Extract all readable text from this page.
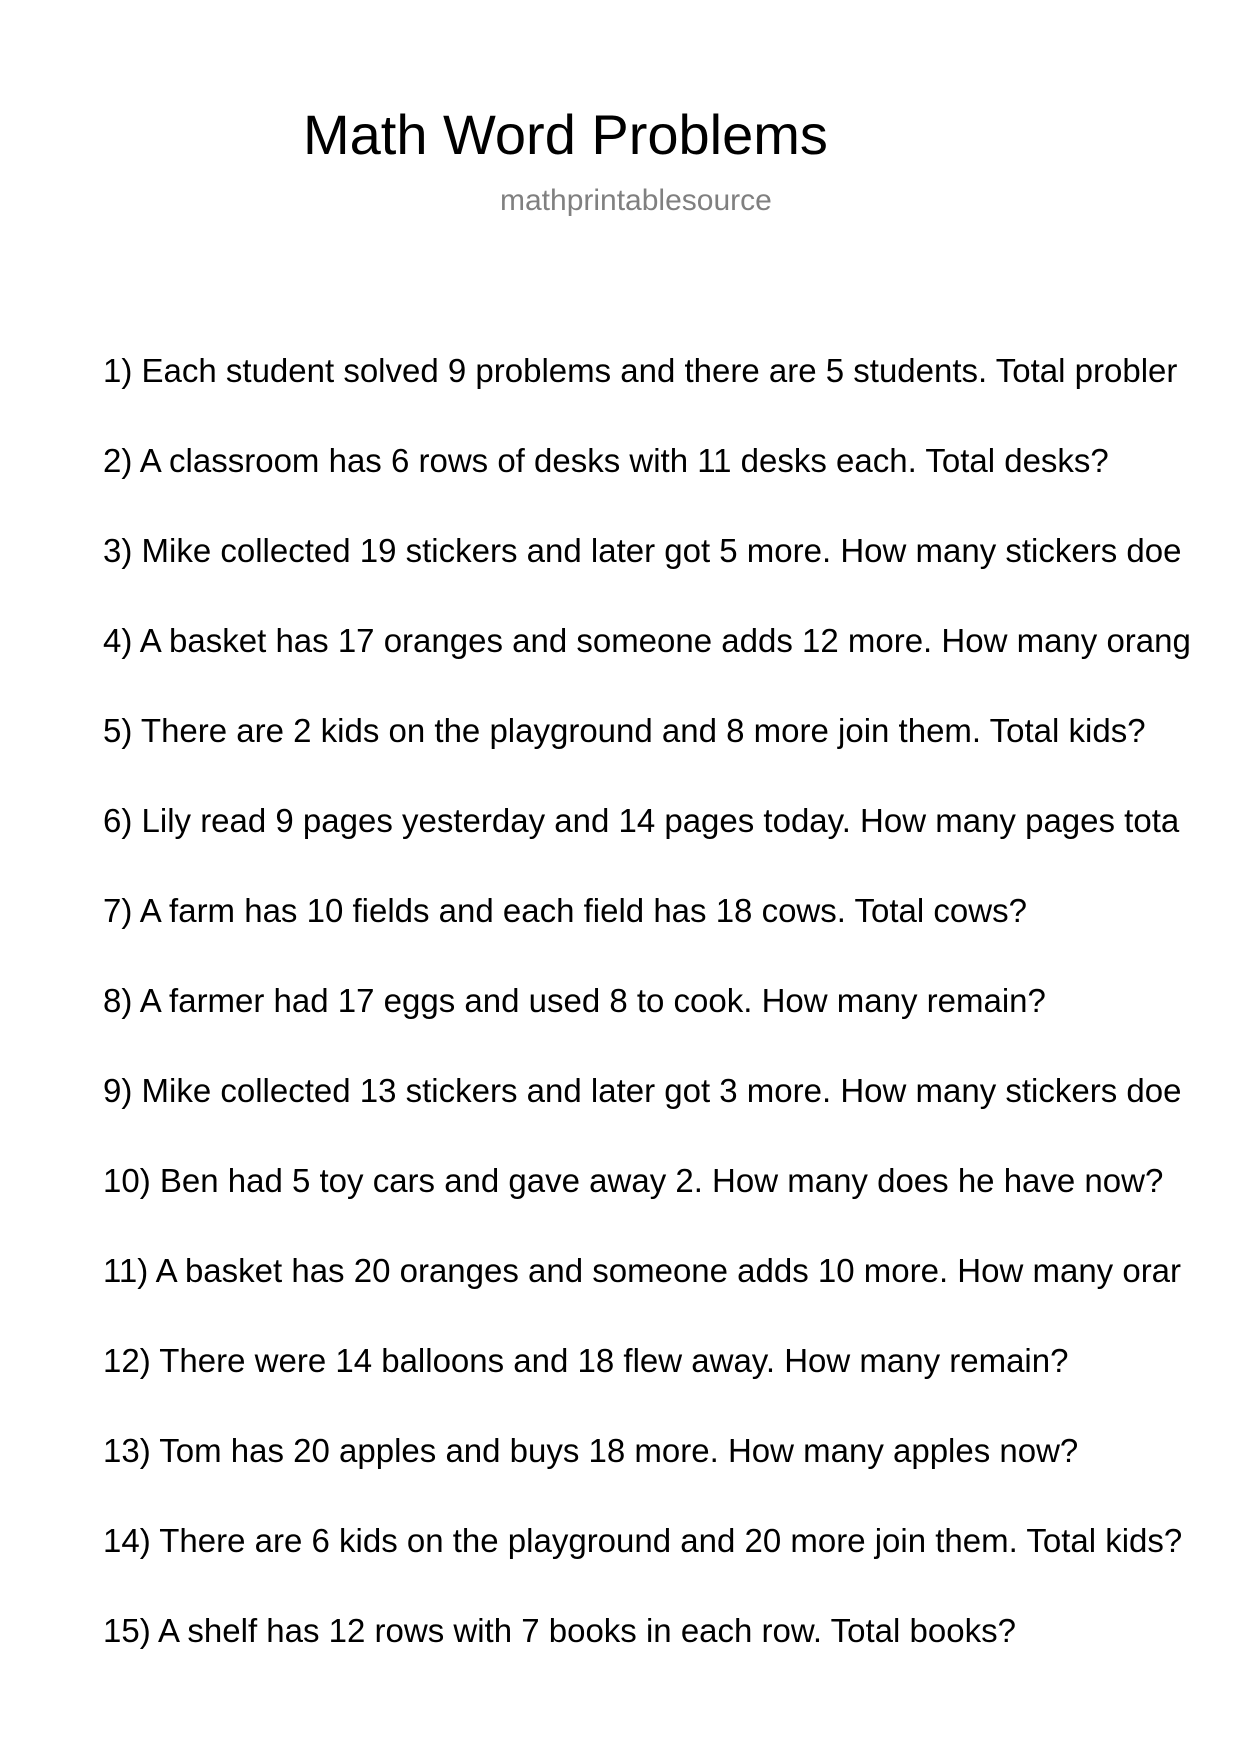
Math Word Problems
mathprintablesource
1) Each student solved 9 problems and there are 5 students. Total probler
2) A classroom has 6 rows of desks with 11 desks each. Total desks?
3) Mike collected 19 stickers and later got 5 more. How many stickers doe
4) A basket has 17 oranges and someone adds 12 more. How many orang
5) There are 2 kids on the playground and 8 more join them. Total kids?
6) Lily read 9 pages yesterday and 14 pages today. How many pages tota
7) A farm has 10 fields and each field has 18 cows. Total cows?
8) A farmer had 17 eggs and used 8 to cook. How many remain?
9) Mike collected 13 stickers and later got 3 more. How many stickers doe
10) Ben had 5 toy cars and gave away 2. How many does he have now?
11) A basket has 20 oranges and someone adds 10 more. How many orar
12) There were 14 balloons and 18 flew away. How many remain?
13) Tom has 20 apples and buys 18 more. How many apples now?
14) There are 6 kids on the playground and 20 more join them. Total kids?
15) A shelf has 12 rows with 7 books in each row. Total books?
